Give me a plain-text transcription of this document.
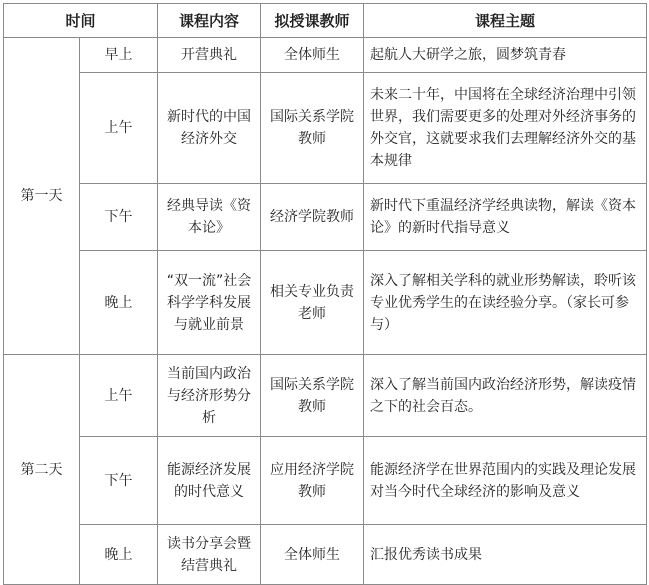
时间		课程内容	拟授课教师	课程主题
第一天	早上	开营典礼	全体师生	起航人大研学之旅，圆梦筑青春
	上午	新时代的中国经济外交	国际关系学院教师	未来二十年，中国将在全球经济治理中引领世界，我们需要更多的处理对外经济事务的外交官，这就要求我们去理解经济外交的基本规律
	下午	经典导读《资本论》	经济学院教师	新时代下重温经济学经典读物，解读《资本论》的新时代指导意义
	晚上	“双一流”社会科学学科发展与就业前景	相关专业负责老师	深入了解相关学科的就业形势解读，聆听该专业优秀学生的在读经验分享。（家长可参与）
第二天	上午	当前国内政治与经济形势分析	国际关系学院教师	深入了解当前国内政治经济形势，解读疫情之下的社会百态。
	下午	能源经济发展的时代意义	应用经济学院教师	能源经济学在世界范围内的实践及理论发展对当今时代全球经济的影响及意义
	晚上	读书分享会暨结营典礼	全体师生	汇报优秀读书成果
